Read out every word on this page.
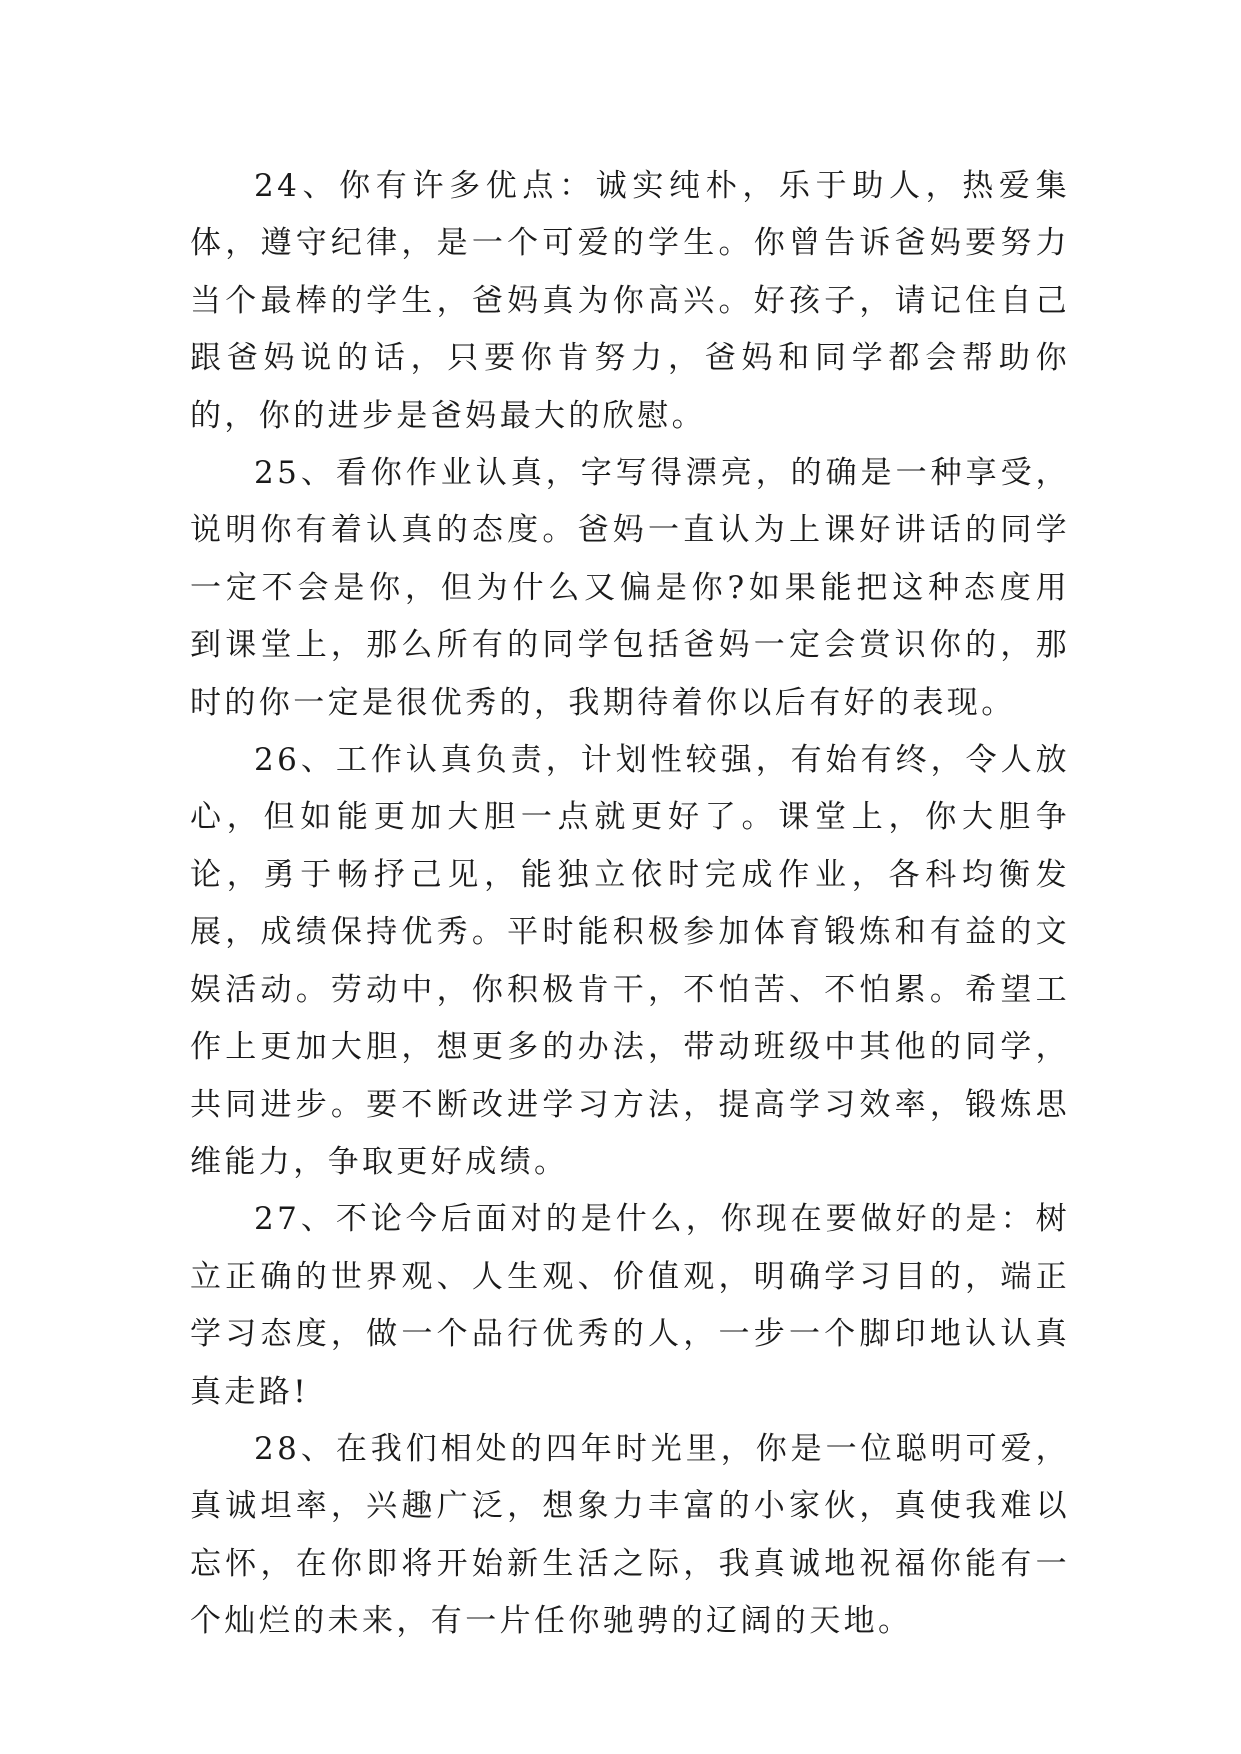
24、你有许多优点：诚实纯朴，乐于助人，热爱集体，遵守纪律，是一个可爱的学生。你曾告诉爸妈要努力当个最棒的学生，爸妈真为你高兴。好孩子，请记住自己跟爸妈说的话，只要你肯努力，爸妈和同学都会帮助你的，你的进步是爸妈最大的欣慰。

25、看你作业认真，字写得漂亮，的确是一种享受，说明你有着认真的态度。爸妈一直认为上课好讲话的同学一定不会是你，但为什么又偏是你?如果能把这种态度用到课堂上，那么所有的同学包括爸妈一定会赏识你的，那时的你一定是很优秀的，我期待着你以后有好的表现。

26、工作认真负责，计划性较强，有始有终，令人放心，但如能更加大胆一点就更好了。课堂上，你大胆争论，勇于畅抒己见，能独立依时完成作业，各科均衡发展，成绩保持优秀。平时能积极参加体育锻炼和有益的文娱活动。劳动中，你积极肯干，不怕苦、不怕累。希望工作上更加大胆，想更多的办法，带动班级中其他的同学，共同进步。要不断改进学习方法，提高学习效率，锻炼思维能力，争取更好成绩。

27、不论今后面对的是什么，你现在要做好的是：树立正确的世界观、人生观、价值观，明确学习目的，端正学习态度，做一个品行优秀的人，一步一个脚印地认认真真走路!

28、在我们相处的四年时光里，你是一位聪明可爱，真诚坦率，兴趣广泛，想象力丰富的小家伙，真使我难以忘怀，在你即将开始新生活之际，我真诚地祝福你能有一个灿烂的未来，有一片任你驰骋的辽阔的天地。
